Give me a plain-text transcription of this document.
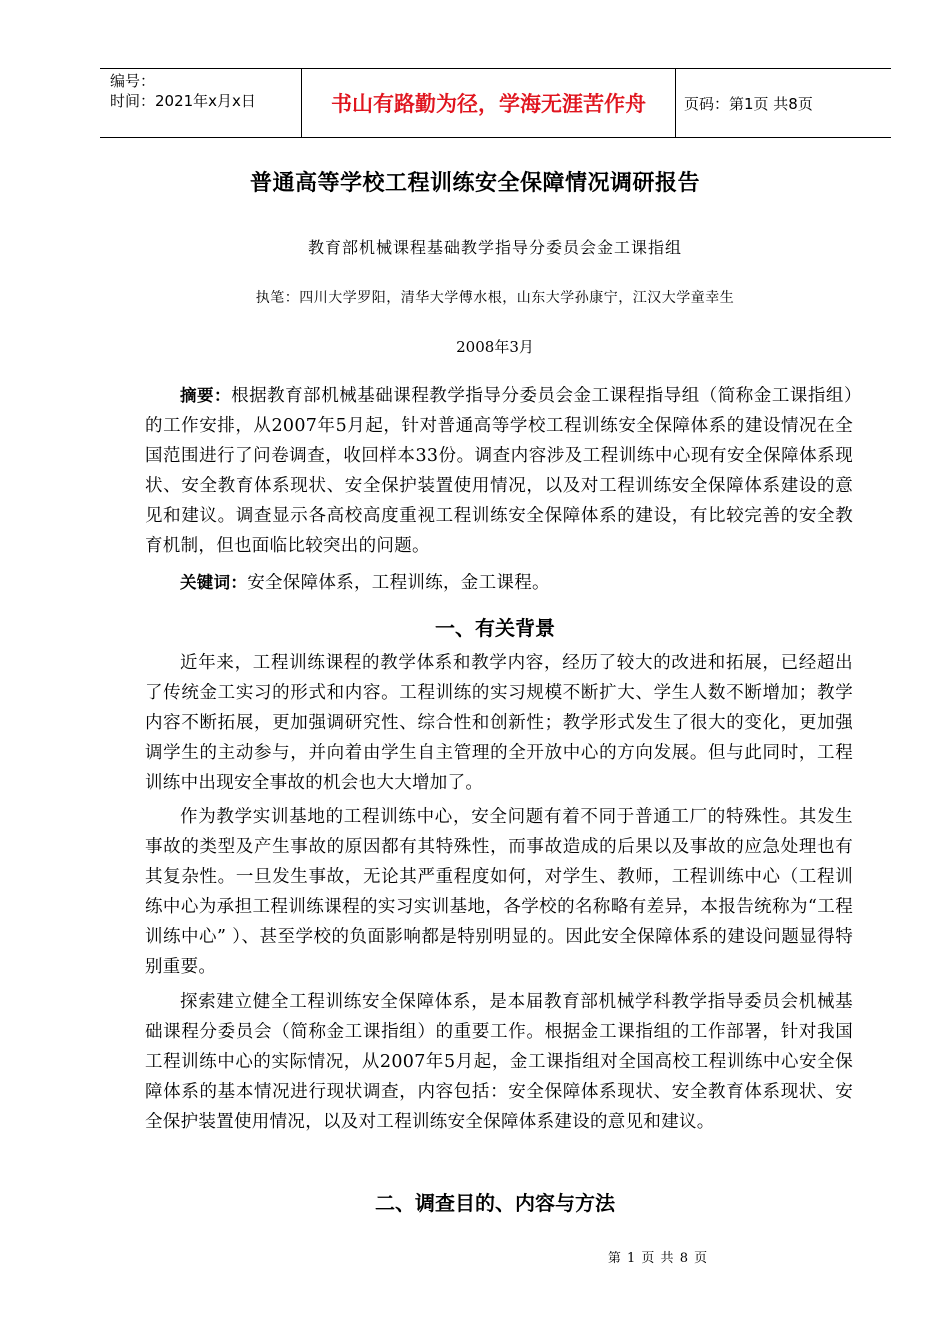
编号：
时间：2021年x月x日	书山有路勤为径，学海无涯苦作舟	页码：第1页 共8页
普通高等学校工程训练安全保障情况调研报告
教育部机械课程基础教学指导分委员会金工课指组
执笔：四川大学罗阳，清华大学傅水根，山东大学孙康宁，江汉大学童幸生
2008年3月

摘要：根据教育部机械基础课程教学指导分委员会金工课程指导组（简称金工课指组）的工作安排，从2007年5月起，针对普通高等学校工程训练安全保障体系的建设情况在全国范围进行了问卷调查，收回样本33份。调查内容涉及工程训练中心现有安全保障体系现状、安全教育体系现状、安全保护装置使用情况，以及对工程训练安全保障体系建设的意见和建议。调查显示各高校高度重视工程训练安全保障体系的建设，有比较完善的安全教育机制，但也面临比较突出的问题。

关键词：安全保障体系，工程训练，金工课程。

一、有关背景

近年来，工程训练课程的教学体系和教学内容，经历了较大的改进和拓展，已经超出了传统金工实习的形式和内容。工程训练的实习规模不断扩大、学生人数不断增加；教学内容不断拓展，更加强调研究性、综合性和创新性；教学形式发生了很大的变化，更加强调学生的主动参与，并向着由学生自主管理的全开放中心的方向发展。但与此同时，工程训练中出现安全事故的机会也大大增加了。

作为教学实训基地的工程训练中心，安全问题有着不同于普通工厂的特殊性。其发生事故的类型及产生事故的原因都有其特殊性，而事故造成的后果以及事故的应急处理也有其复杂性。一旦发生事故，无论其严重程度如何，对学生、教师，工程训练中心（工程训练中心为承担工程训练课程的实习实训基地，各学校的名称略有差异，本报告统称为“工程训练中心” ）、甚至学校的负面影响都是特别明显的。因此安全保障体系的建设问题显得特别重要。

探索建立健全工程训练安全保障体系，是本届教育部机械学科教学指导委员会机械基础课程分委员会（简称金工课指组）的重要工作。根据金工课指组的工作部署，针对我国工程训练中心的实际情况，从2007年5月起，金工课指组对全国高校工程训练中心安全保障体系的基本情况进行现状调查，内容包括：安全保障体系现状、安全教育体系现状、安全保护装置使用情况，以及对工程训练安全保障体系建设的意见和建议。

二、调查目的、内容与方法
第 1 页 共 8 页
